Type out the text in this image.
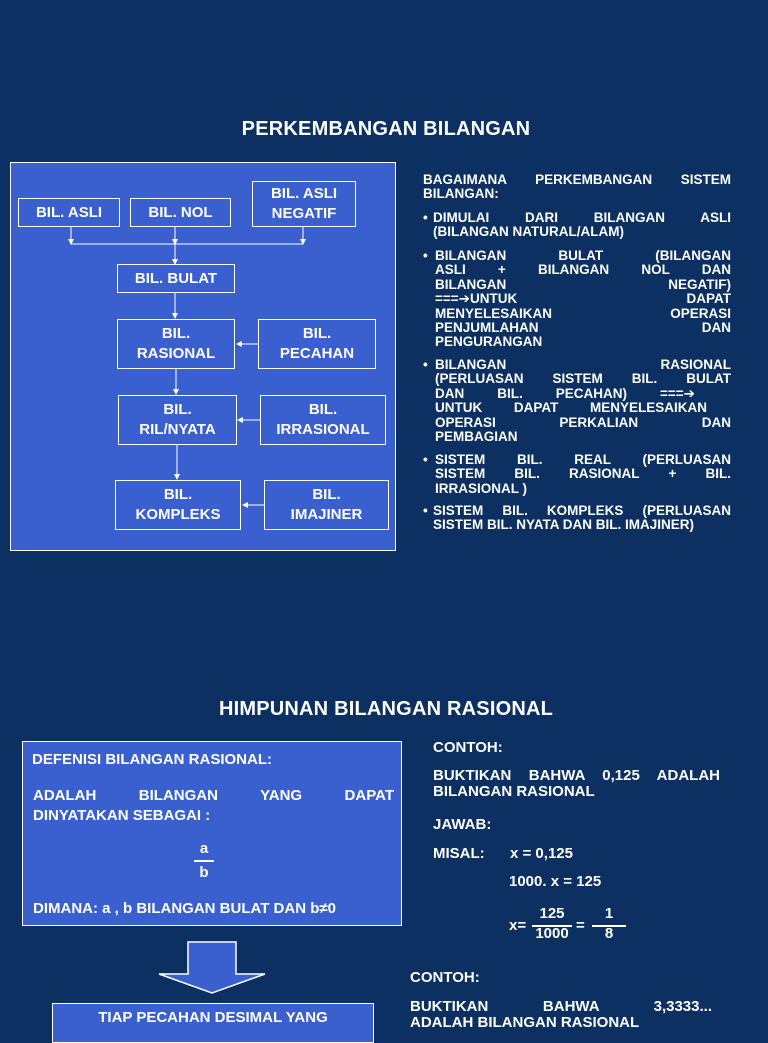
PERKEMBANGAN BILANGAN
BIL. ASLI	BIL. NOL
BIL. ASLI
NEGATIF
BIL. BULAT
BIL.
RASIONAL
BIL.
PECAHAN
BIL.
RIL/NYATA
BIL.
IRRASIONAL
BIL.
KOMPLEKS
BIL.
IMAJINER
BAGAIMANA PERKEMBANGAN SISTEM
BILANGAN:
• DIMULAI DARI BILANGAN ASLI
(BILANGAN NATURAL/ALAM)
• BILANGAN BULAT (BILANGAN
ASLI + BILANGAN NOL DAN
BILANGAN NEGATIF)
===➔UNTUK DAPAT
MENYELESAIKAN OPERASI
PENJUMLAHAN DAN
PENGURANGAN
• BILANGAN RASIONAL
(PERLUASAN SISTEM BIL. BULAT
DAN BIL. PECAHAN) ===➔
UNTUK DAPAT MENYELESAIKAN
OPERASI PERKALIAN DAN
PEMBAGIAN
• SISTEM BIL. REAL (PERLUASAN
SISTEM BIL. RASIONAL + BIL.
IRRASIONAL )
• SISTEM BIL. KOMPLEKS (PERLUASAN
SISTEM BIL. NYATA DAN BIL. IMAJINER)
HIMPUNAN BILANGAN RASIONAL
DEFENISI BILANGAN RASIONAL:
ADALAH BILANGAN YANG DAPAT
DINYATAKAN SEBAGAI :
a
b
DIMANA: a , b BILANGAN BULAT DAN b≠0
TIAP PECAHAN DESIMAL YANG
CONTOH:
BUKTIKAN BAHWA 0,125 ADALAH
BILANGAN RASIONAL
JAWAB:
MISAL: x = 0,125
1000. x = 125
x=
125
1000 =
1
8
CONTOH:
BUKTIKAN BAHWA 3,3333...
ADALAH BILANGAN RASIONAL
